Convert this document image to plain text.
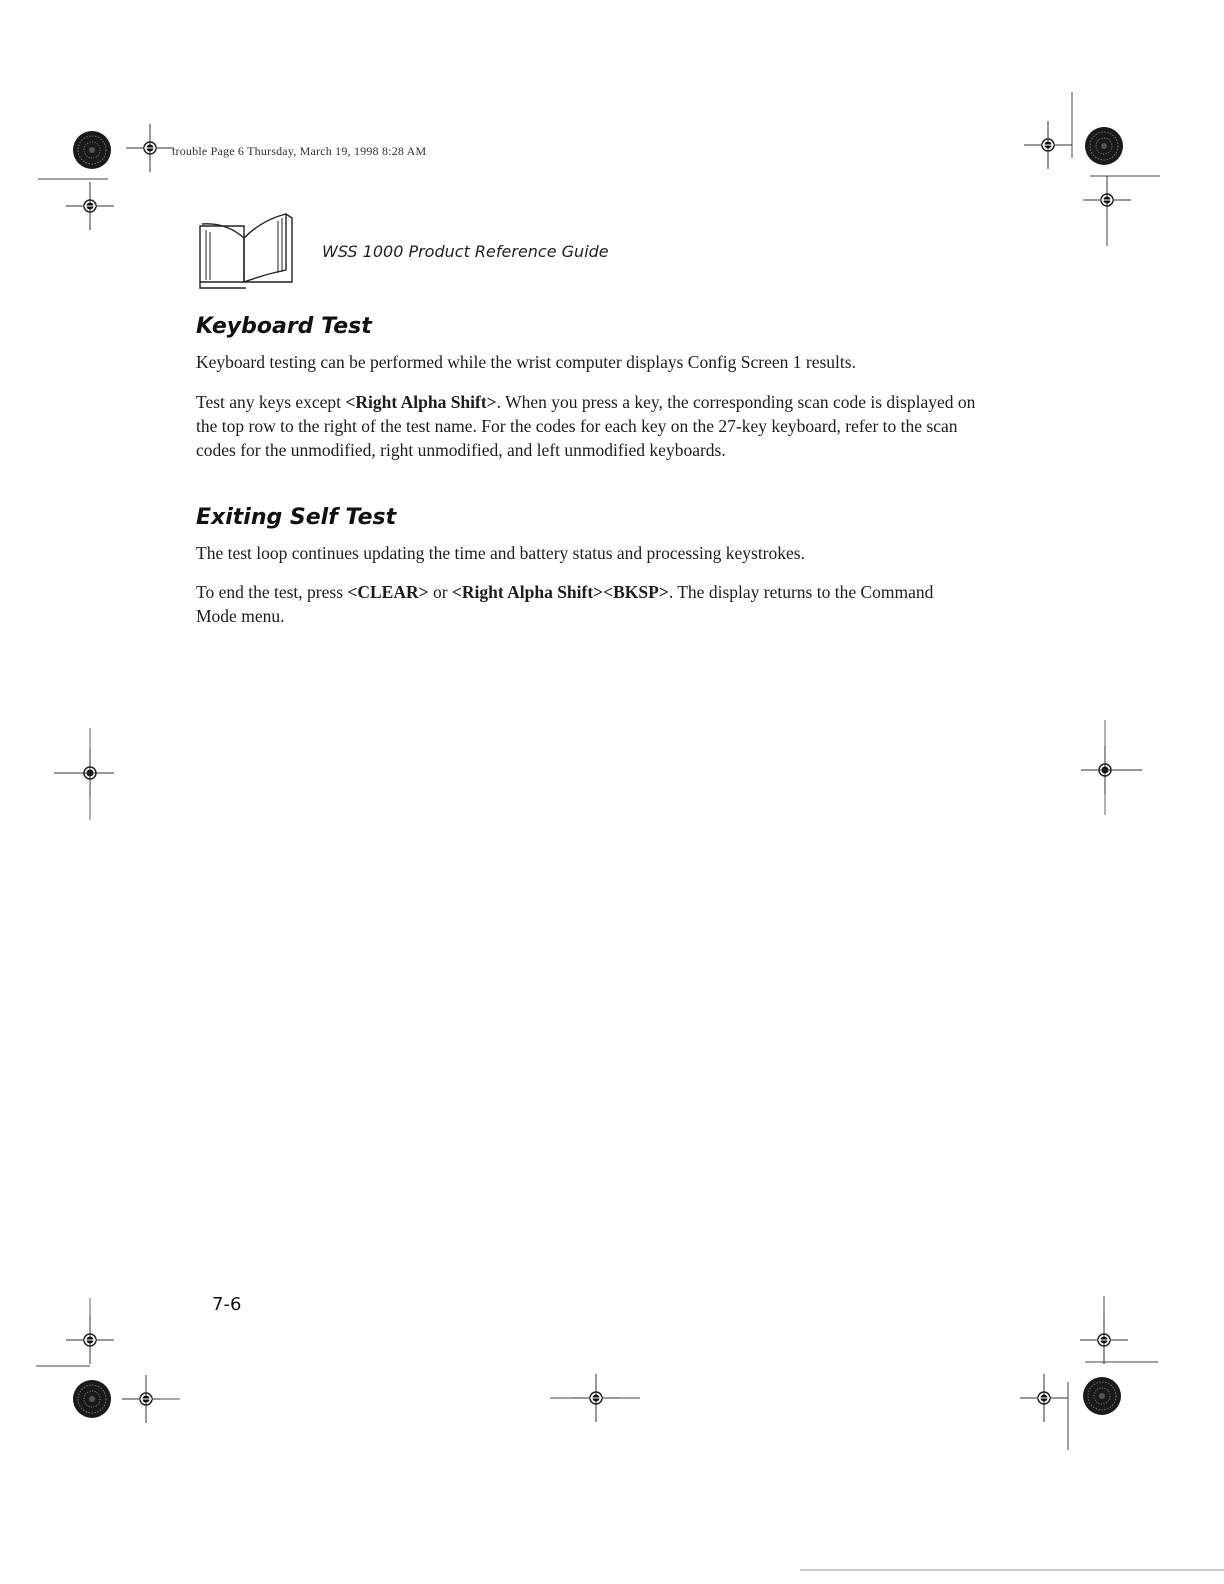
trouble Page 6 Thursday, March 19, 1998 8:28 AM
WSS 1000 Product Reference Guide
Keyboard Test
Keyboard testing can be performed while the wrist computer displays Config Screen 1 results.
Test any keys except <Right Alpha Shift>. When you press a key, the corresponding scan code is displayed on the top row to the right of the test name. For the codes for each key on the 27-key keyboard, refer to the scan codes for the unmodified, right unmodified, and left unmodified keyboards.
Exiting Self Test
The test loop continues updating the time and battery status and processing keystrokes.
To end the test, press <CLEAR> or <Right Alpha Shift><BKSP>. The display returns to the Command Mode menu.
7-6
